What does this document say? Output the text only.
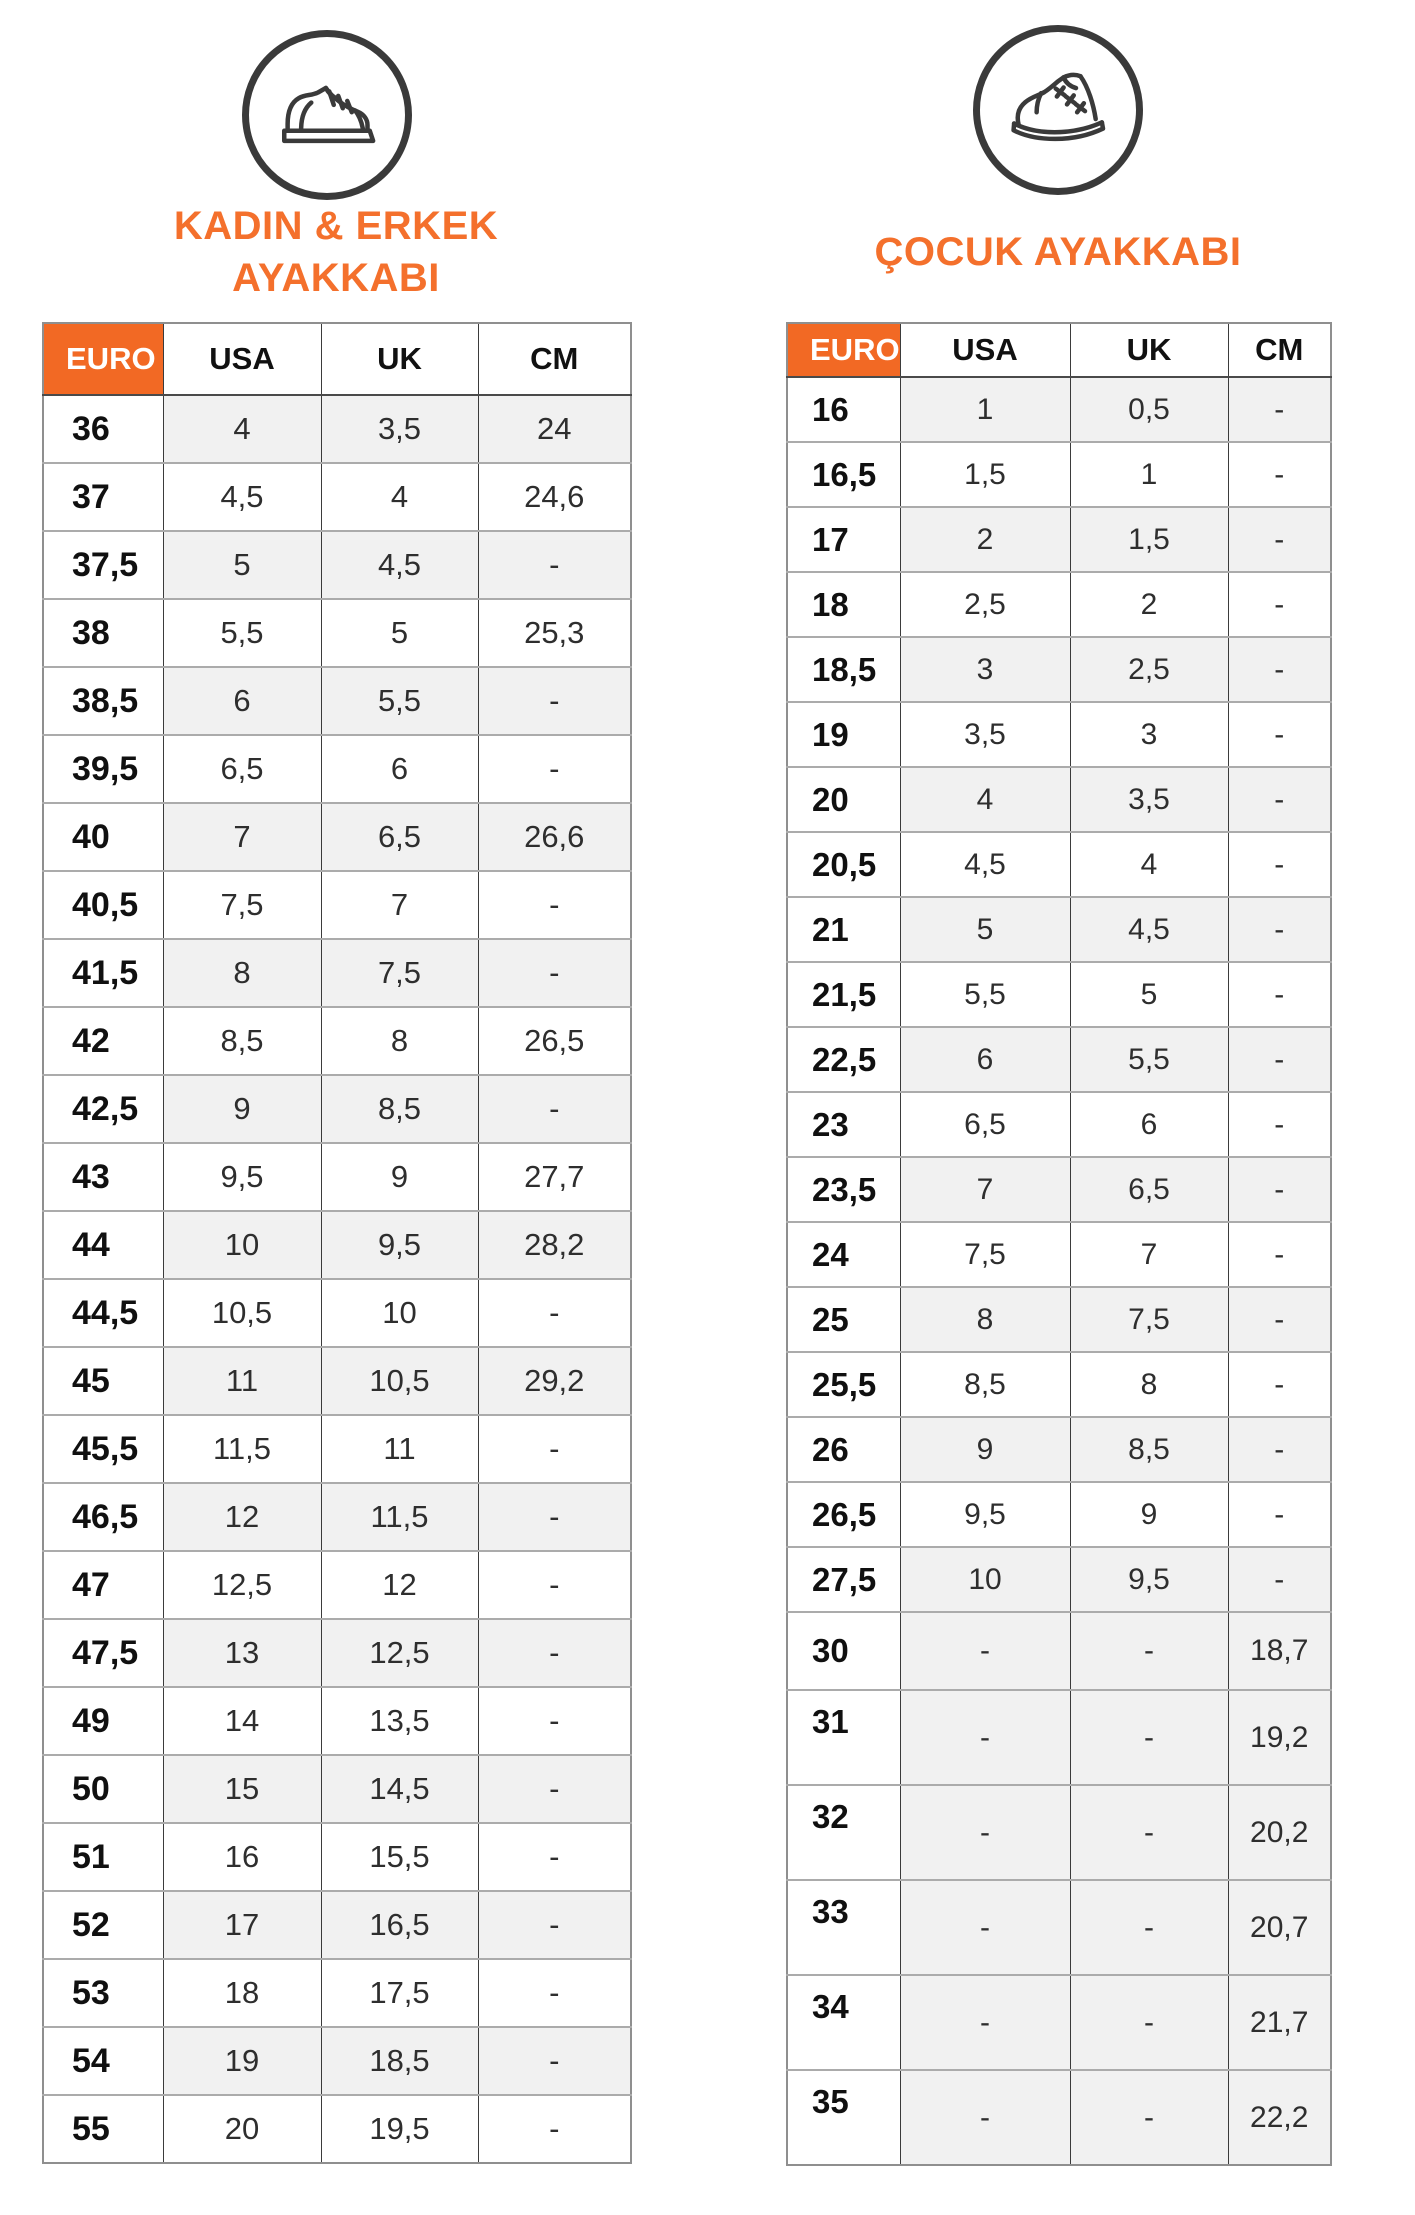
KADIN & ERKEK
AYAKKABI
ÇOCUK AYAKKABI
EURO	USA	UK	CM
36	4	3,5	24
37	4,5	4	24,6
37,5	5	4,5	-
38	5,5	5	25,3
38,5	6	5,5	-
39,5	6,5	6	-
40	7	6,5	26,6
40,5	7,5	7	-
41,5	8	7,5	-
42	8,5	8	26,5
42,5	9	8,5	-
43	9,5	9	27,7
44	10	9,5	28,2
44,5	10,5	10	-
45	11	10,5	29,2
45,5	11,5	11	-
46,5	12	11,5	-
47	12,5	12	-
47,5	13	12,5	-
49	14	13,5	-
50	15	14,5	-
51	16	15,5	-
52	17	16,5	-
53	18	17,5	-
54	19	18,5	-
55	20	19,5	-
EURO	USA	UK	CM
16	1	0,5	-
16,5	1,5	1	-
17	2	1,5	-
18	2,5	2	-
18,5	3	2,5	-
19	3,5	3	-
20	4	3,5	-
20,5	4,5	4	-
21	5	4,5	-
21,5	5,5	5	-
22,5	6	5,5	-
23	6,5	6	-
23,5	7	6,5	-
24	7,5	7	-
25	8	7,5	-
25,5	8,5	8	-
26	9	8,5	-
26,5	9,5	9	-
27,5	10	9,5	-
30	-	-	18,7
31	-	-	19,2
32	-	-	20,2
33	-	-	20,7
34	-	-	21,7
35	-	-	22,2
